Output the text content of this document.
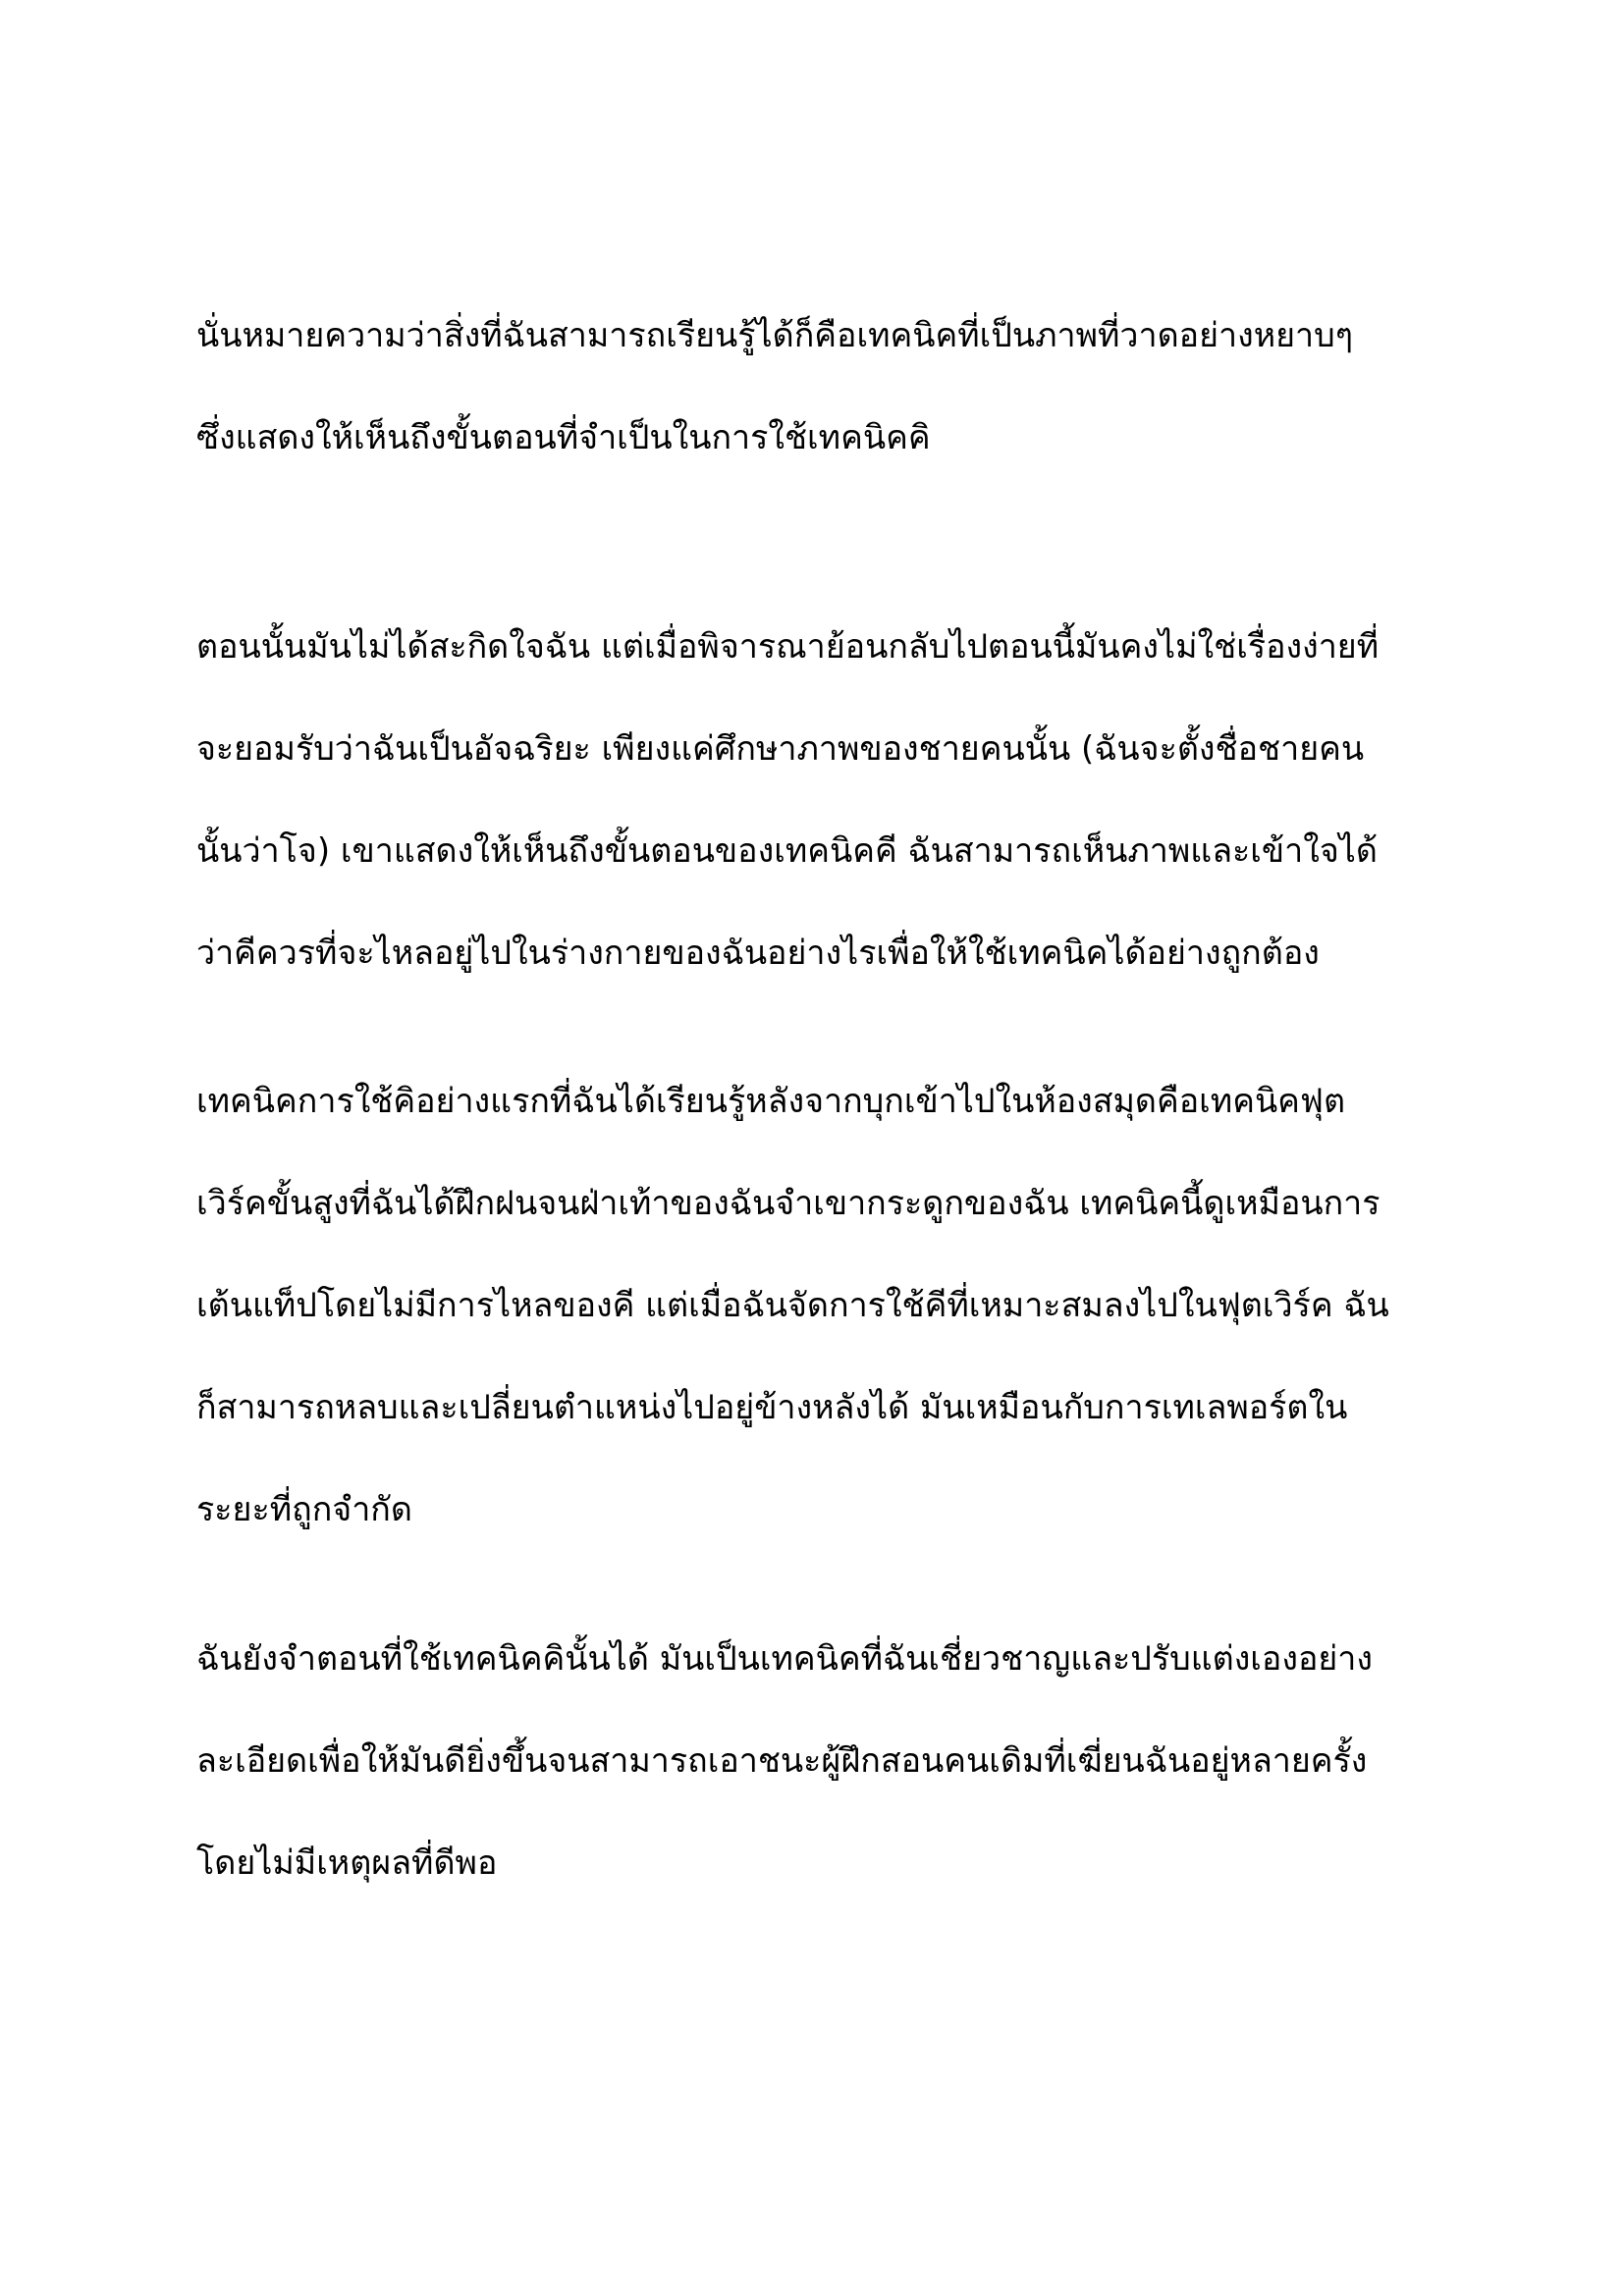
นั่นหมายความว่าสิ่งที่ฉันสามารถเรียนรู้ได้ก็คือเทคนิคที่เป็นภาพที่วาดอย่างหยาบๆ
ซึ่งแสดงให้เห็นถึงขั้นตอนที่จำเป็นในการใช้เทคนิคคิ
ตอนนั้นมันไม่ได้สะกิดใจฉัน แต่เมื่อพิจารณาย้อนกลับไปตอนนี้มันคงไม่ใช่เรื่องง่ายที่
จะยอมรับว่าฉันเป็นอัจฉริยะ เพียงแค่ศึกษาภาพของชายคนนั้น (ฉันจะตั้งชื่อชายคน
นั้นว่าโจ) เขาแสดงให้เห็นถึงขั้นตอนของเทคนิคคี ฉันสามารถเห็นภาพและเข้าใจได้
ว่าคีควรที่จะไหลอยู่ไปในร่างกายของฉันอย่างไรเพื่อให้ใช้เทคนิคได้อย่างถูกต้อง
เทคนิคการใช้คิอย่างแรกที่ฉันได้เรียนรู้หลังจากบุกเข้าไปในห้องสมุดคือเทคนิคฟุต
เวิร์คขั้นสูงที่ฉันได้ฝึกฝนจนฝ่าเท้าของฉันจำเขากระดูกของฉัน เทคนิคนี้ดูเหมือนการ
เต้นแท็ปโดยไม่มีการไหลของคี แต่เมื่อฉันจัดการใช้คีที่เหมาะสมลงไปในฟุตเวิร์ค ฉัน
ก็สามารถหลบและเปลี่ยนตำแหน่งไปอยู่ข้างหลังได้ มันเหมือนกับการเทเลพอร์ตใน
ระยะที่ถูกจำกัด
ฉันยังจำตอนที่ใช้เทคนิคคินั้นได้ มันเป็นเทคนิคที่ฉันเชี่ยวชาญและปรับแต่งเองอย่าง
ละเอียดเพื่อให้มันดียิ่งขึ้นจนสามารถเอาชนะผู้ฝึกสอนคนเดิมที่เฆี่ยนฉันอยู่หลายครั้ง
โดยไม่มีเหตุผลที่ดีพอ
